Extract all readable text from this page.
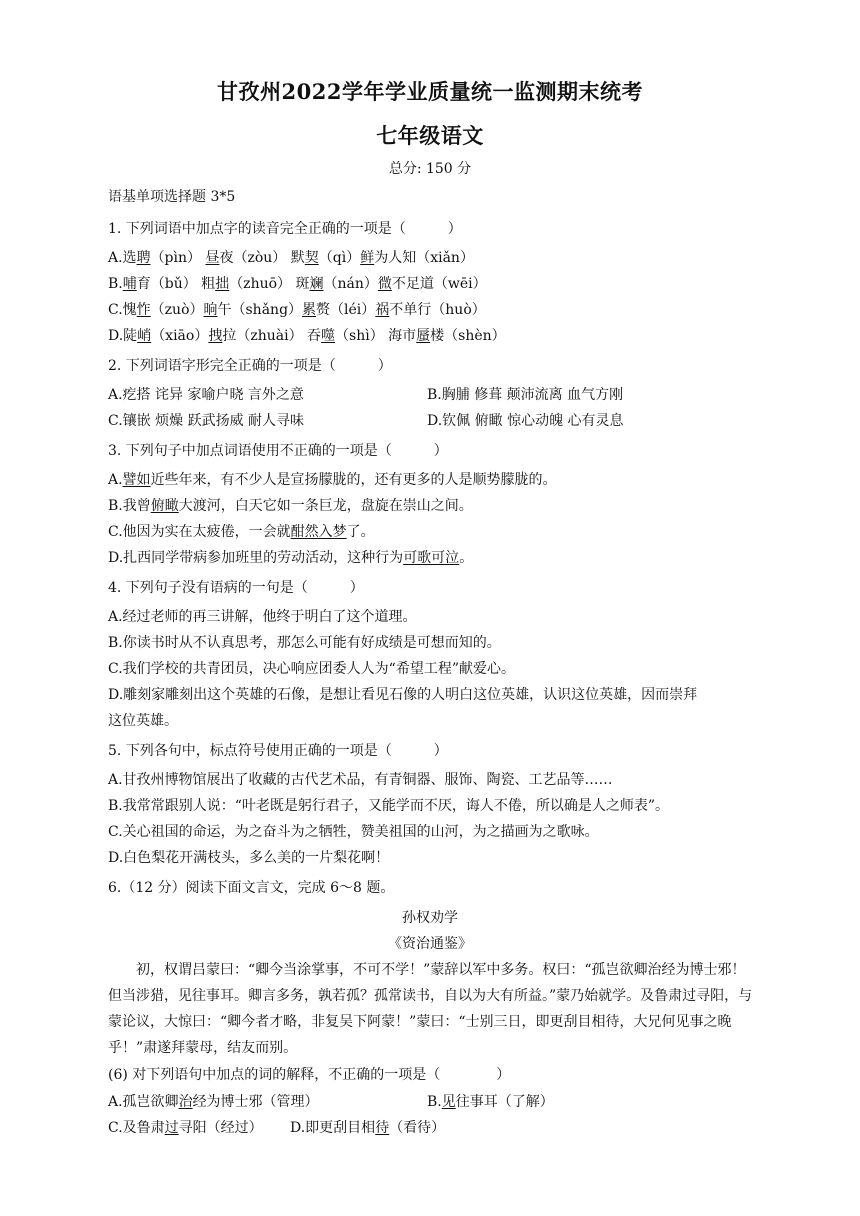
甘孜州2022学年学业质量统一监测期末统考
七年级语文
总分: 150 分
语基单项选择题 3*5
1. 下列词语中加点字的读音完全正确的一项是（　　　）
A.选聘（pìn） 昼夜（zòu） 默契（qì）鲜为人知（xiǎn）
B.哺育（bǔ） 粗拙（zhuō） 斑斓（nán）微不足道（wēi）
C.愧怍（zuò）晌午（shǎng）累赘（léi）祸不单行（huò）
D.陡峭（xiāo）拽拉（zhuài） 吞噬（shì） 海市蜃楼（shèn）
2. 下列词语字形完全正确的一项是（　　　）
A.疙搭 诧异 家喻户晓 言外之意	B.胸脯 修葺 颠沛流离 血气方刚
C.镶嵌 烦燥 跃武扬威 耐人寻味	D.钦佩 俯瞰 惊心动魄 心有灵息
3. 下列句子中加点词语使用不正确的一项是（　　　）
A.譬如近些年来，有不少人是宣扬朦胧的，还有更多的人是顺势朦胧的。
B.我曾俯瞰大渡河，白天它如一条巨龙，盘旋在崇山之间。
C.他因为实在太疲倦，一会就酣然入梦了。
D.扎西同学带病参加班里的劳动活动，这种行为可歌可泣。
4. 下列句子没有语病的一句是（　　　）
A.经过老师的再三讲解，他终于明白了这个道理。
B.你读书时从不认真思考，那怎么可能有好成绩是可想而知的。
C.我们学校的共青团员，决心响应团委人人为“希望工程”献爱心。
D.雕刻家雕刻出这个英雄的石像，是想让看见石像的人明白这位英雄，认识这位英雄，因而崇拜
这位英雄。
5. 下列各句中，标点符号使用正确的一项是（　　　）
A.甘孜州博物馆展出了收藏的古代艺术品，有青铜器、服饰、陶瓷、工艺品等……
B.我常常跟别人说：“叶老既是躬行君子，又能学而不厌，诲人不倦，所以确是人之师表”。
C.关心祖国的命运，为之奋斗为之牺牲，赞美祖国的山河，为之描画为之歌咏。
D.白色梨花开满枝头，多么美的一片梨花啊！
6.（12 分）阅读下面文言文，完成 6～8 题。
孙权劝学
《资治通鉴》
初，权谓吕蒙曰：“卿今当涂掌事，不可不学！”蒙辞以军中多务。权曰：“孤岂欲卿治经为博士邪！但当涉猎，见往事耳。卿言多务，孰若孤？孤常读书，自以为大有所益。”蒙乃始就学。及鲁肃过寻阳，与蒙论议，大惊曰：“卿今者才略，非复吴下阿蒙！”蒙曰：“士别三日，即更刮目相待，大兄何见事之晚乎！”肃遂拜蒙母，结友而别。
(6) 对下列语句中加点的词的解释，不正确的一项是（　　　　）
A.孤岂欲卿治经为博士邪（管理）	B.见往事耳（了解）
C.及鲁肃过寻阳（经过） D.即更刮目相待（看待）
